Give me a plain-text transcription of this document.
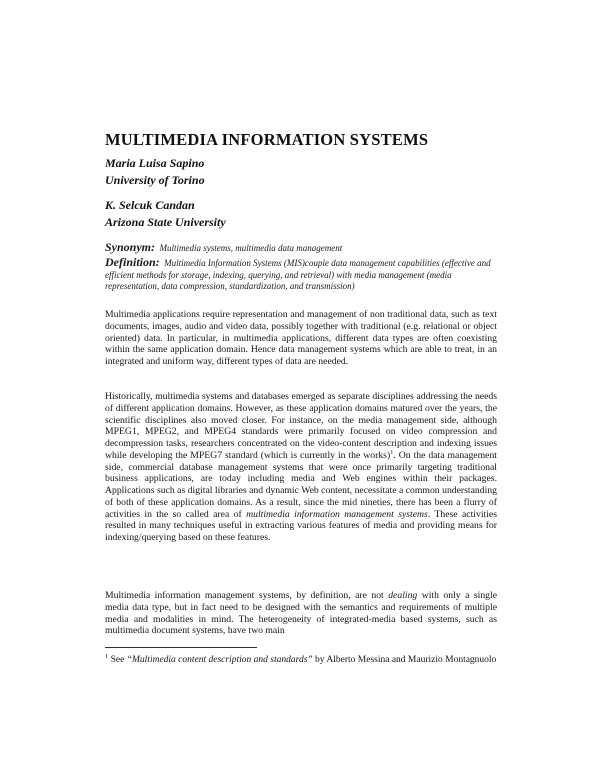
MULTIMEDIA INFORMATION SYSTEMS
Maria Luisa Sapino
University of Torino
K. Selcuk Candan
Arizona State University
Synonym: Multimedia systems, multimedia data management
Definition: Multimedia Information Systems (MIS)couple data management capabilities (effective and efficient methods for storage, indexing, querying, and retrieval) with media management (media representation, data compression, standardization, and transmission)
Multimedia applications require representation and management of non traditional data, such as text documents, images, audio and video data, possibly together with traditional (e.g. relational or object oriented) data. In particular, in multimedia applications, different data types are often coexisting within the same application domain. Hence data management systems which are able to treat, in an integrated and uniform way, different types of data are needed.
Historically, multimedia systems and databases emerged as separate disciplines addressing the needs of different application domains. However, as these application domains matured over the years, the scientific disciplines also moved closer. For instance, on the media management side, although MPEG1, MPEG2, and MPEG4 standards were primarily focused on video compression and decompression tasks, researchers concentrated on the video-content description and indexing issues while developing the MPEG7 standard (which is currently in the works)$^1$. On the data management side, commercial database management systems that were once primarily targeting traditional business applications, are today including media and Web engines within their packages. Applications such as digital libraries and dynamic Web content, necessitate a common understanding of both of these application domains. As a result, since the mid nineties, there has been a flurry of activities in the so called area of multimedia information management systems. These activities resulted in many techniques useful in extracting various features of media and providing means for indexing/querying based on these features.
Multimedia information management systems, by definition, are not dealing with only a single media data type, but in fact need to be designed with the semantics and requirements of multiple media and modalities in mind. The heterogeneity of integrated-media based systems, such as multimedia document systems, have two main
$^1$ See “Multimedia content description and standards” by Alberto Messina and Maurizio Montagnuolo
